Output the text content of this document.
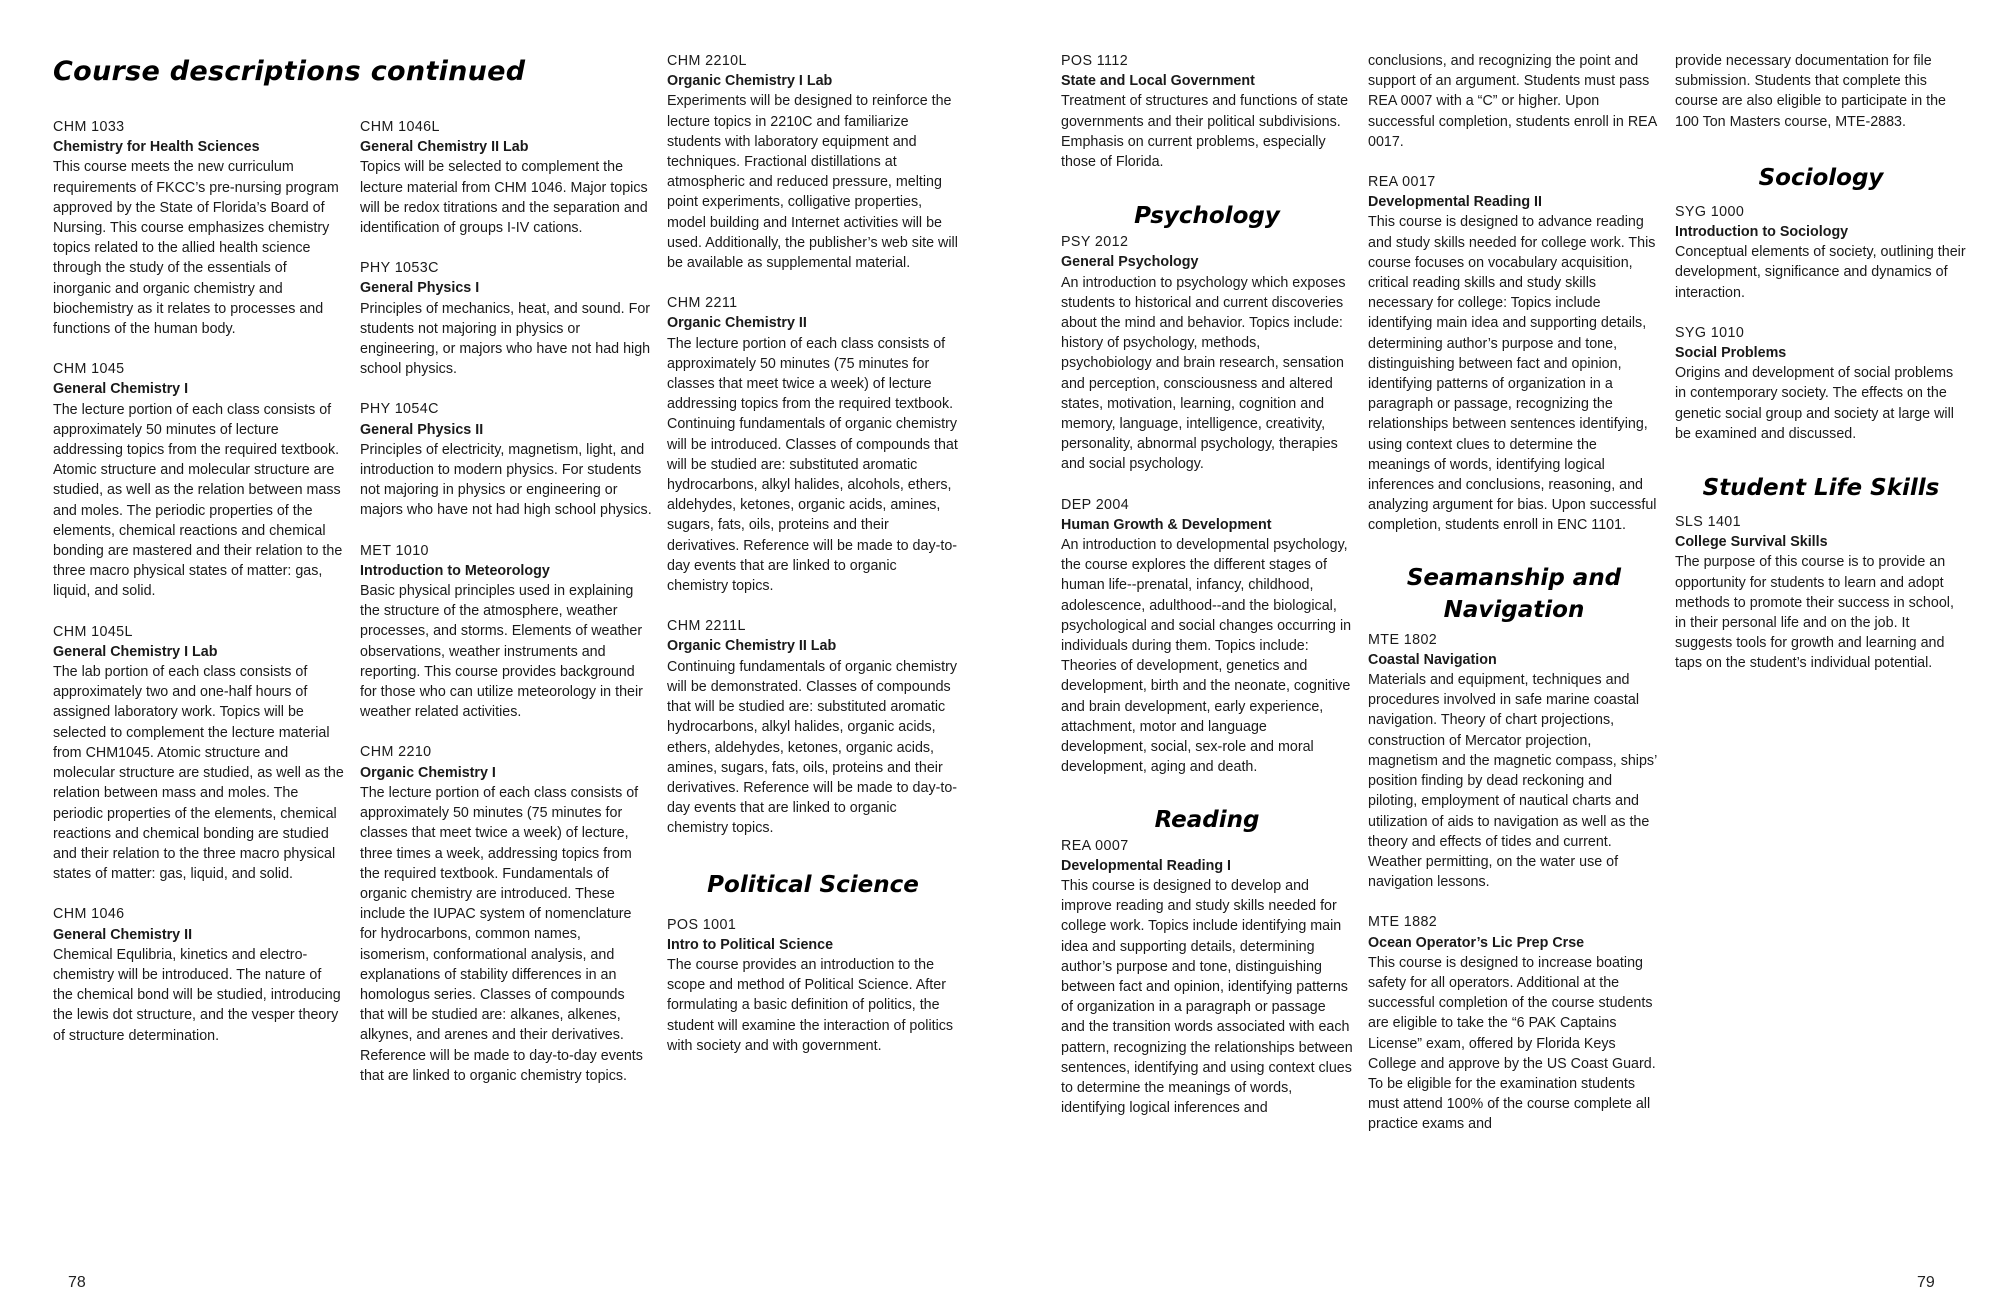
Course descriptions continued

CHM 1033

Chemistry for Health Sciences

This course meets the new curriculum requirements of FKCC’s pre-nursing program approved by the State of Florida’s Board of Nursing. This course emphasizes chemistry topics related to the allied health science through the study of the essentials of inorganic and organic chemistry and biochemistry as it relates to processes and functions of the human body.

CHM 1045

General Chemistry I

The lecture portion of each class consists of approximately 50 minutes of lecture addressing topics from the required textbook. Atomic structure and molecular structure are studied, as well as the relation between mass and moles. The periodic properties of the elements, chemical reactions and chemical bonding are mastered and their relation to the three macro physical states of matter: gas, liquid, and solid.

CHM 1045L

General Chemistry I Lab

The lab portion of each class consists of approximately two and one-half hours of assigned laboratory work. Topics will be selected to complement the lecture material from CHM1045. Atomic structure and molecular structure are studied, as well as the relation between mass and moles. The periodic properties of the elements, chemical reactions and chemical bonding are studied and their relation to the three macro physical states of matter: gas, liquid, and solid.

CHM 1046

General Chemistry II

Chemical Equlibria, kinetics and electro-chemistry will be introduced. The nature of the chemical bond will be studied, introducing the lewis dot structure, and the vesper theory of structure determination.

CHM 1046L

General Chemistry II Lab

Topics will be selected to complement the lecture material from CHM 1046. Major topics will be redox titrations and the separation and identification of groups I-IV cations.

PHY 1053C

General Physics I

Principles of mechanics, heat, and sound. For students not majoring in physics or engineering, or majors who have not had high school physics.

PHY 1054C

General Physics II

Principles of electricity, magnetism, light, and introduction to modern physics. For students not majoring in physics or engineering or majors who have not had high school physics.

MET 1010

Introduction to Meteorology

Basic physical principles used in explaining the structure of the atmosphere, weather processes, and storms. Elements of weather observations, weather instruments and reporting. This course provides background for those who can utilize meteorology in their weather related activities.

CHM 2210

Organic Chemistry I

The lecture portion of each class consists of approximately 50 minutes (75 minutes for classes that meet twice a week) of lecture, three times a week, addressing topics from the required textbook. Fundamentals of organic chemistry are introduced. These include the IUPAC system of nomenclature for hydrocarbons, common names, isomerism, conformational analysis, and explanations of stability differences in an homologus series. Classes of compounds that will be studied are: alkanes, alkenes, alkynes, and arenes and their derivatives. Reference will be made to day-to-day events that are linked to organic chemistry topics.

CHM 2210L

Organic Chemistry I Lab

Experiments will be designed to reinforce the lecture topics in 2210C and familiarize students with laboratory equipment and techniques. Fractional distillations at atmospheric and reduced pressure, melting point experiments, colligative properties, model building and Internet activities will be used. Additionally, the publisher’s web site will be available as supplemental material.

CHM 2211

Organic Chemistry II

The lecture portion of each class consists of approximately 50 minutes (75 minutes for classes that meet twice a week) of lecture addressing topics from the required textbook. Continuing fundamentals of organic chemistry will be introduced. Classes of compounds that will be studied are: substituted aromatic hydrocarbons, alkyl halides, alcohols, ethers, aldehydes, ketones, organic acids, amines, sugars, fats, oils, proteins and their derivatives. Reference will be made to day-to-day events that are linked to organic chemistry topics.

CHM 2211L

Organic Chemistry II Lab

Continuing fundamentals of organic chemistry will be demonstrated. Classes of compounds that will be studied are: substituted aromatic hydrocarbons, alkyl halides, organic acids, ethers, aldehydes, ketones, organic acids, amines, sugars, fats, oils, proteins and their derivatives. Reference will be made to day-to-day events that are linked to organic chemistry topics.

Political Science

POS 1001

Intro to Political Science

The course provides an introduction to the scope and method of Political Science. After formulating a basic definition of politics, the student will examine the interaction of politics with society and with government.

78

POS 1112

State and Local Government

Treatment of structures and functions of state governments and their political subdivisions. Emphasis on current problems, especially those of Florida.

Psychology

PSY 2012

General Psychology

An introduction to psychology which exposes students to historical and current discoveries about the mind and behavior. Topics include: history of psychology, methods, psychobiology and brain research, sensation and perception, consciousness and altered states, motivation, learning, cognition and memory, language, intelligence, creativity, personality, abnormal psychology, therapies and social psychology.

DEP 2004

Human Growth & Development

An introduction to developmental psychology, the course explores the different stages of human life--prenatal, infancy, childhood, adolescence, adulthood--and the biological, psychological and social changes occurring in individuals during them. Topics include: Theories of development, genetics and development, birth and the neonate, cognitive and brain development, early experience, attachment, motor and language development, social, sex-role and moral development, aging and death.

Reading

REA 0007

Developmental Reading I

This course is designed to develop and improve reading and study skills needed for college work. Topics include identifying main idea and supporting details, determining author’s purpose and tone, distinguishing between fact and opinion, identifying patterns of organization in a paragraph or passage and the transition words associated with each pattern, recognizing the relationships between sentences, identifying and using context clues to determine the meanings of words, identifying logical inferences and

conclusions, and recognizing the point and support of an argument. Students must pass REA 0007 with a “C” or higher. Upon successful completion, students enroll in REA 0017.

REA 0017

Developmental Reading II

This course is designed to advance reading and study skills needed for college work. This course focuses on vocabulary acquisition, critical reading skills and study skills necessary for college: Topics include identifying main idea and supporting details, determining author’s purpose and tone, distinguishing between fact and opinion, identifying patterns of organization in a paragraph or passage, recognizing the relationships between sentences identifying, using context clues to determine the meanings of words, identifying logical inferences and conclusions, reasoning, and analyzing argument for bias. Upon successful completion, students enroll in ENC 1101.

Seamanship and
Navigation

MTE 1802

Coastal Navigation

Materials and equipment, techniques and procedures involved in safe marine coastal navigation. Theory of chart projections, construction of Mercator projection, magnetism and the magnetic compass, ships’ position finding by dead reckoning and piloting, employment of nautical charts and utilization of aids to navigation as well as the theory and effects of tides and current. Weather permitting, on the water use of navigation lessons.

MTE 1882

Ocean Operator’s Lic Prep Crse

This course is designed to increase boating safety for all operators. Additional at the successful completion of the course students are eligible to take the “6 PAK Captains License” exam, offered by Florida Keys College and approve by the US Coast Guard. To be eligible for the examination students must attend 100% of the course complete all practice exams and

provide necessary documentation for file submission. Students that complete this course are also eligible to participate in the 100 Ton Masters course, MTE-2883.

Sociology

SYG 1000

Introduction to Sociology

Conceptual elements of society, outlining their development, significance and dynamics of interaction.

SYG 1010

Social Problems

Origins and development of social problems in contemporary society. The effects on the genetic social group and society at large will be examined and discussed.

Student Life Skills

SLS 1401

College Survival Skills

The purpose of this course is to provide an opportunity for students to learn and adopt methods to promote their success in school, in their personal life and on the job. It suggests tools for growth and learning and taps on the student’s individual potential.

79
